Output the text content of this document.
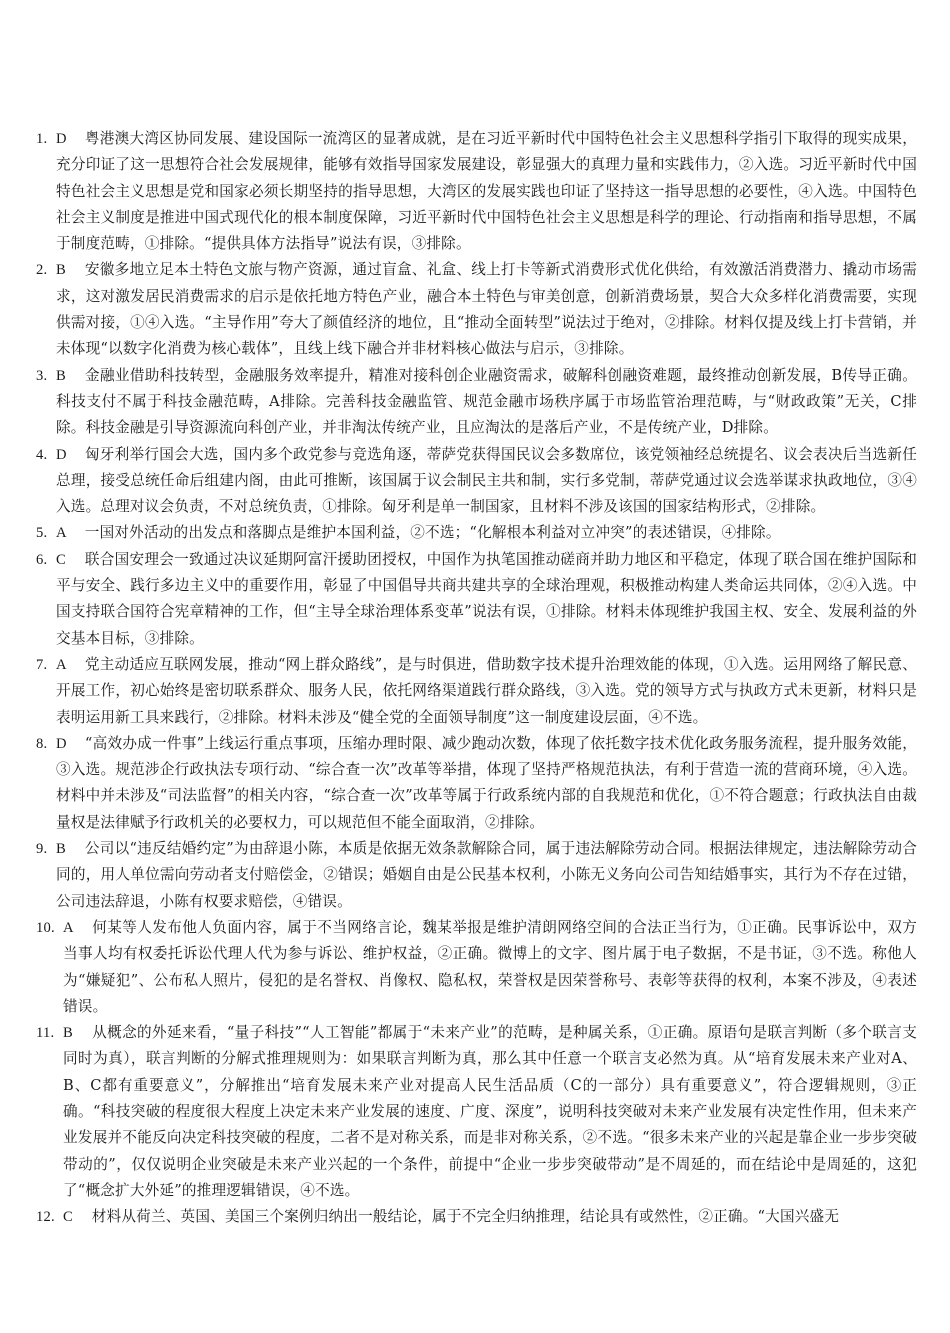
1. D　粤港澳大湾区协同发展、建设国际一流湾区的显著成就，是在习近平新时代中国特色社会主义思想科学指引下取得的现实成果，充分印证了这一思想符合社会发展规律，能够有效指导国家发展建设，彰显强大的真理力量和实践伟力，②入选。习近平新时代中国特色社会主义思想是党和国家必须长期坚持的指导思想，大湾区的发展实践也印证了坚持这一指导思想的必要性，④入选。中国特色社会主义制度是推进中国式现代化的根本制度保障，习近平新时代中国特色社会主义思想是科学的理论、行动指南和指导思想，不属于制度范畴，①排除。“提供具体方法指导”说法有误，③排除。
2. B　安徽多地立足本土特色文旅与物产资源，通过盲盒、礼盒、线上打卡等新式消费形式优化供给，有效激活消费潜力、撬动市场需求，这对激发居民消费需求的启示是依托地方特色产业，融合本土特色与审美创意，创新消费场景，契合大众多样化消费需要，实现供需对接，①④入选。“主导作用”夸大了颜值经济的地位，且“推动全面转型”说法过于绝对，②排除。材料仅提及线上打卡营销，并未体现“以数字化消费为核心载体”，且线上线下融合并非材料核心做法与启示，③排除。
3. B　金融业借助科技转型，金融服务效率提升，精准对接科创企业融资需求，破解科创融资难题，最终推动创新发展，B传导正确。科技支付不属于科技金融范畴，A排除。完善科技金融监管、规范金融市场秩序属于市场监管治理范畴，与“财政政策”无关，C排除。科技金融是引导资源流向科创产业，并非淘汰传统产业，且应淘汰的是落后产业，不是传统产业，D排除。
4. D　匈牙利举行国会大选，国内多个政党参与竞选角逐，蒂萨党获得国民议会多数席位，该党领袖经总统提名、议会表决后当选新任总理，接受总统任命后组建内阁，由此可推断，该国属于议会制民主共和制，实行多党制，蒂萨党通过议会选举谋求执政地位，③④入选。总理对议会负责，不对总统负责，①排除。匈牙利是单一制国家，且材料不涉及该国的国家结构形式，②排除。
5. A　一国对外活动的出发点和落脚点是维护本国利益，②不选；“化解根本利益对立冲突”的表述错误，④排除。
6. C　联合国安理会一致通过决议延期阿富汗援助团授权，中国作为执笔国推动磋商并助力地区和平稳定，体现了联合国在维护国际和平与安全、践行多边主义中的重要作用，彰显了中国倡导共商共建共享的全球治理观，积极推动构建人类命运共同体，②④入选。中国支持联合国符合宪章精神的工作，但“主导全球治理体系变革”说法有误，①排除。材料未体现维护我国主权、安全、发展利益的外交基本目标，③排除。
7. A　党主动适应互联网发展，推动“网上群众路线”，是与时俱进，借助数字技术提升治理效能的体现，①入选。运用网络了解民意、开展工作，初心始终是密切联系群众、服务人民，依托网络渠道践行群众路线，③入选。党的领导方式与执政方式未更新，材料只是表明运用新工具来践行，②排除。材料未涉及“健全党的全面领导制度”这一制度建设层面，④不选。
8. D　“高效办成一件事”上线运行重点事项，压缩办理时限、减少跑动次数，体现了依托数字技术优化政务服务流程，提升服务效能，③入选。规范涉企行政执法专项行动、“综合查一次”改革等举措，体现了坚持严格规范执法，有利于营造一流的营商环境，④入选。材料中并未涉及“司法监督”的相关内容，“综合查一次”改革等属于行政系统内部的自我规范和优化，①不符合题意；行政执法自由裁量权是法律赋予行政机关的必要权力，可以规范但不能全面取消，②排除。
9. B　公司以“违反结婚约定”为由辞退小陈，本质是依据无效条款解除合同，属于违法解除劳动合同。根据法律规定，违法解除劳动合同的，用人单位需向劳动者支付赔偿金，②错误；婚姻自由是公民基本权利，小陈无义务向公司告知结婚事实，其行为不存在过错，公司违法辞退，小陈有权要求赔偿，④错误。
10. A　何某等人发布他人负面内容，属于不当网络言论，魏某举报是维护清朗网络空间的合法正当行为，①正确。民事诉讼中，双方当事人均有权委托诉讼代理人代为参与诉讼、维护权益，②正确。微博上的文字、图片属于电子数据，不是书证，③不选。称他人为“嫌疑犯”、公布私人照片，侵犯的是名誉权、肖像权、隐私权，荣誉权是因荣誉称号、表彰等获得的权利，本案不涉及，④表述错误。
11. B　从概念的外延来看，“量子科技”“人工智能”都属于“未来产业”的范畴，是种属关系，①正确。原语句是联言判断（多个联言支同时为真），联言判断的分解式推理规则为：如果联言判断为真，那么其中任意一个联言支必然为真。从“培育发展未来产业对A、B、C都有重要意义”，分解推出“培育发展未来产业对提高人民生活品质（C的一部分）具有重要意义”，符合逻辑规则，③正确。“科技突破的程度很大程度上决定未来产业发展的速度、广度、深度”，说明科技突破对未来产业发展有决定性作用，但未来产业发展并不能反向决定科技突破的程度，二者不是对称关系，而是非对称关系，②不选。“很多未来产业的兴起是靠企业一步步突破带动的”，仅仅说明企业突破是未来产业兴起的一个条件，前提中“企业一步步突破带动”是不周延的，而在结论中是周延的，这犯了“概念扩大外延”的推理逻辑错误，④不选。
12. C　材料从荷兰、英国、美国三个案例归纳出一般结论，属于不完全归纳推理，结论具有或然性，②正确。“大国兴盛无
